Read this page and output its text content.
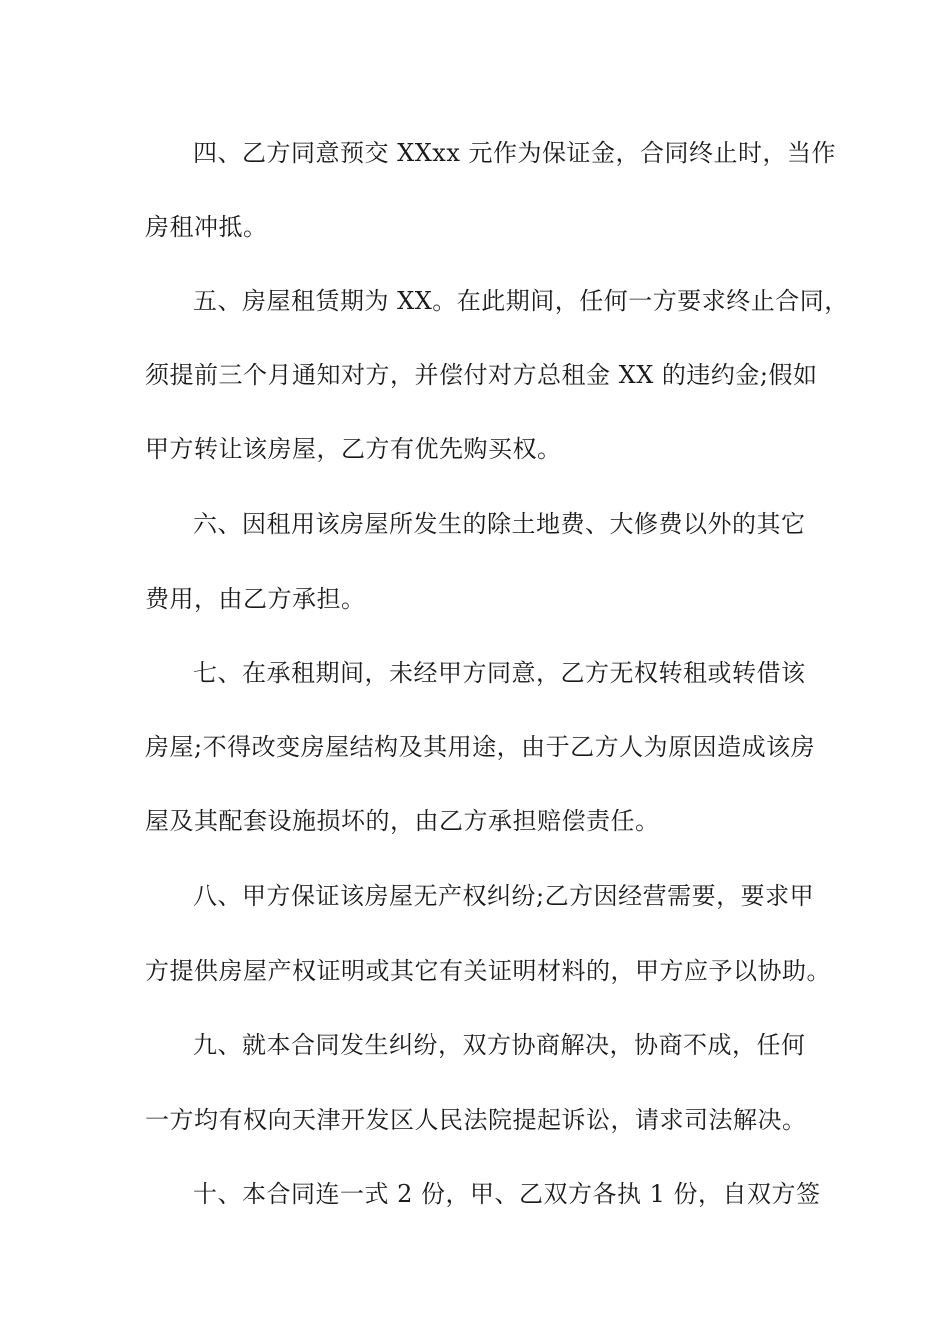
四、乙方同意预交 XXxx 元作为保证金，合同终止时，当作
房租冲抵。
五、房屋租赁期为 XX。在此期间，任何一方要求终止合同，
须提前三个月通知对方，并偿付对方总租金 XX 的违约金;假如
甲方转让该房屋，乙方有优先购买权。
六、因租用该房屋所发生的除土地费、大修费以外的其它
费用，由乙方承担。
七、在承租期间，未经甲方同意，乙方无权转租或转借该
房屋;不得改变房屋结构及其用途，由于乙方人为原因造成该房
屋及其配套设施损坏的，由乙方承担赔偿责任。
八、甲方保证该房屋无产权纠纷;乙方因经营需要，要求甲
方提供房屋产权证明或其它有关证明材料的，甲方应予以协助。
九、就本合同发生纠纷，双方协商解决，协商不成，任何
一方均有权向天津开发区人民法院提起诉讼，请求司法解决。
十、本合同连一式 2 份，甲、乙双方各执 1 份，自双方签
